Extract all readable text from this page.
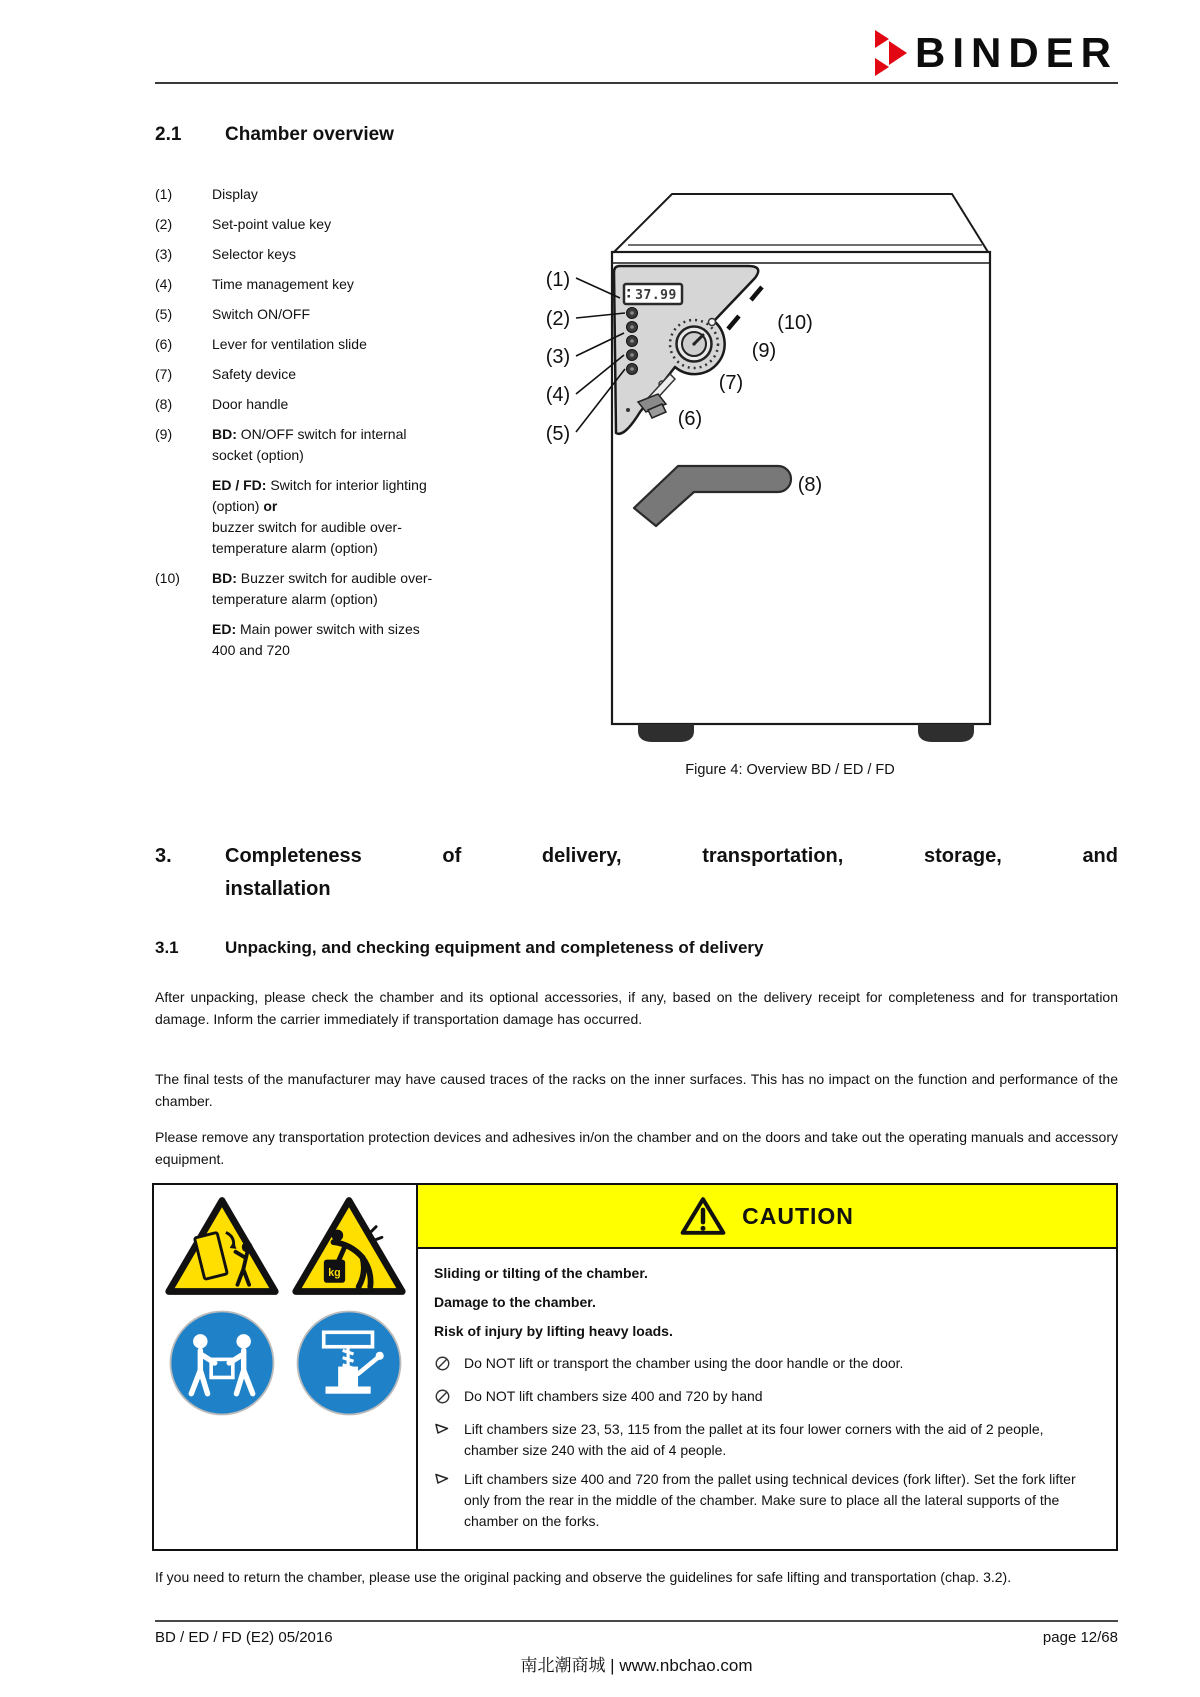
BINDER
2.1	Chamber overview
(1)	Display
(2)	Set-point value key
(3)	Selector keys
(4)	Time management key
(5)	Switch ON/OFF
(6)	Lever for ventilation slide
(7)	Safety device
(8)	Door handle
(9)	BD: ON/OFF switch for internal socket (option)

ED / FD: Switch for interior lighting (option) or
buzzer switch for audible over-temperature alarm (option)

(10)	BD: Buzzer switch for audible over-temperature alarm (option)

ED: Main power switch with sizes 400 and 720

37.99
(1)
(2)
(3)
(4)
(5)
(6)
(7)
(8)
(9)
(10)
Figure 4: Overview BD / ED / FD
3.	Completeness	of	delivery,	transportation,	storage,	and
installation
3.1	Unpacking, and checking equipment and completeness of delivery
After unpacking, please check the chamber and its optional accessories, if any, based on the delivery receipt for completeness and for transportation damage. Inform the carrier immediately if transportation damage has occurred.
The final tests of the manufacturer may have caused traces of the racks on the inner surfaces. This has no impact on the function and performance of the chamber.
Please remove any transportation protection devices and adhesives in/on the chamber and on the doors and take out the operating manuals and accessory equipment.
kg
CAUTION
Sliding or tilting of the chamber.
Damage to the chamber.
Risk of injury by lifting heavy loads.
Do NOT lift or transport the chamber using the door handle or the door.
Do NOT lift chambers size 400 and 720 by hand
Lift chambers size 23, 53, 115 from the pallet at its four lower corners with the aid of 2 people, chamber size 240 with the aid of 4 people.
Lift chambers size 400 and 720 from the pallet using technical devices (fork lifter). Set the fork lifter only from the rear in the middle of the chamber. Make sure to place all the lateral supports of the chamber on the forks.
If you need to return the chamber, please use the original packing and observe the guidelines for safe lifting and transportation (chap. 3.2).
BD / ED / FD (E2) 05/2016	page 12/68
南北潮商城 | www.nbchao.com
